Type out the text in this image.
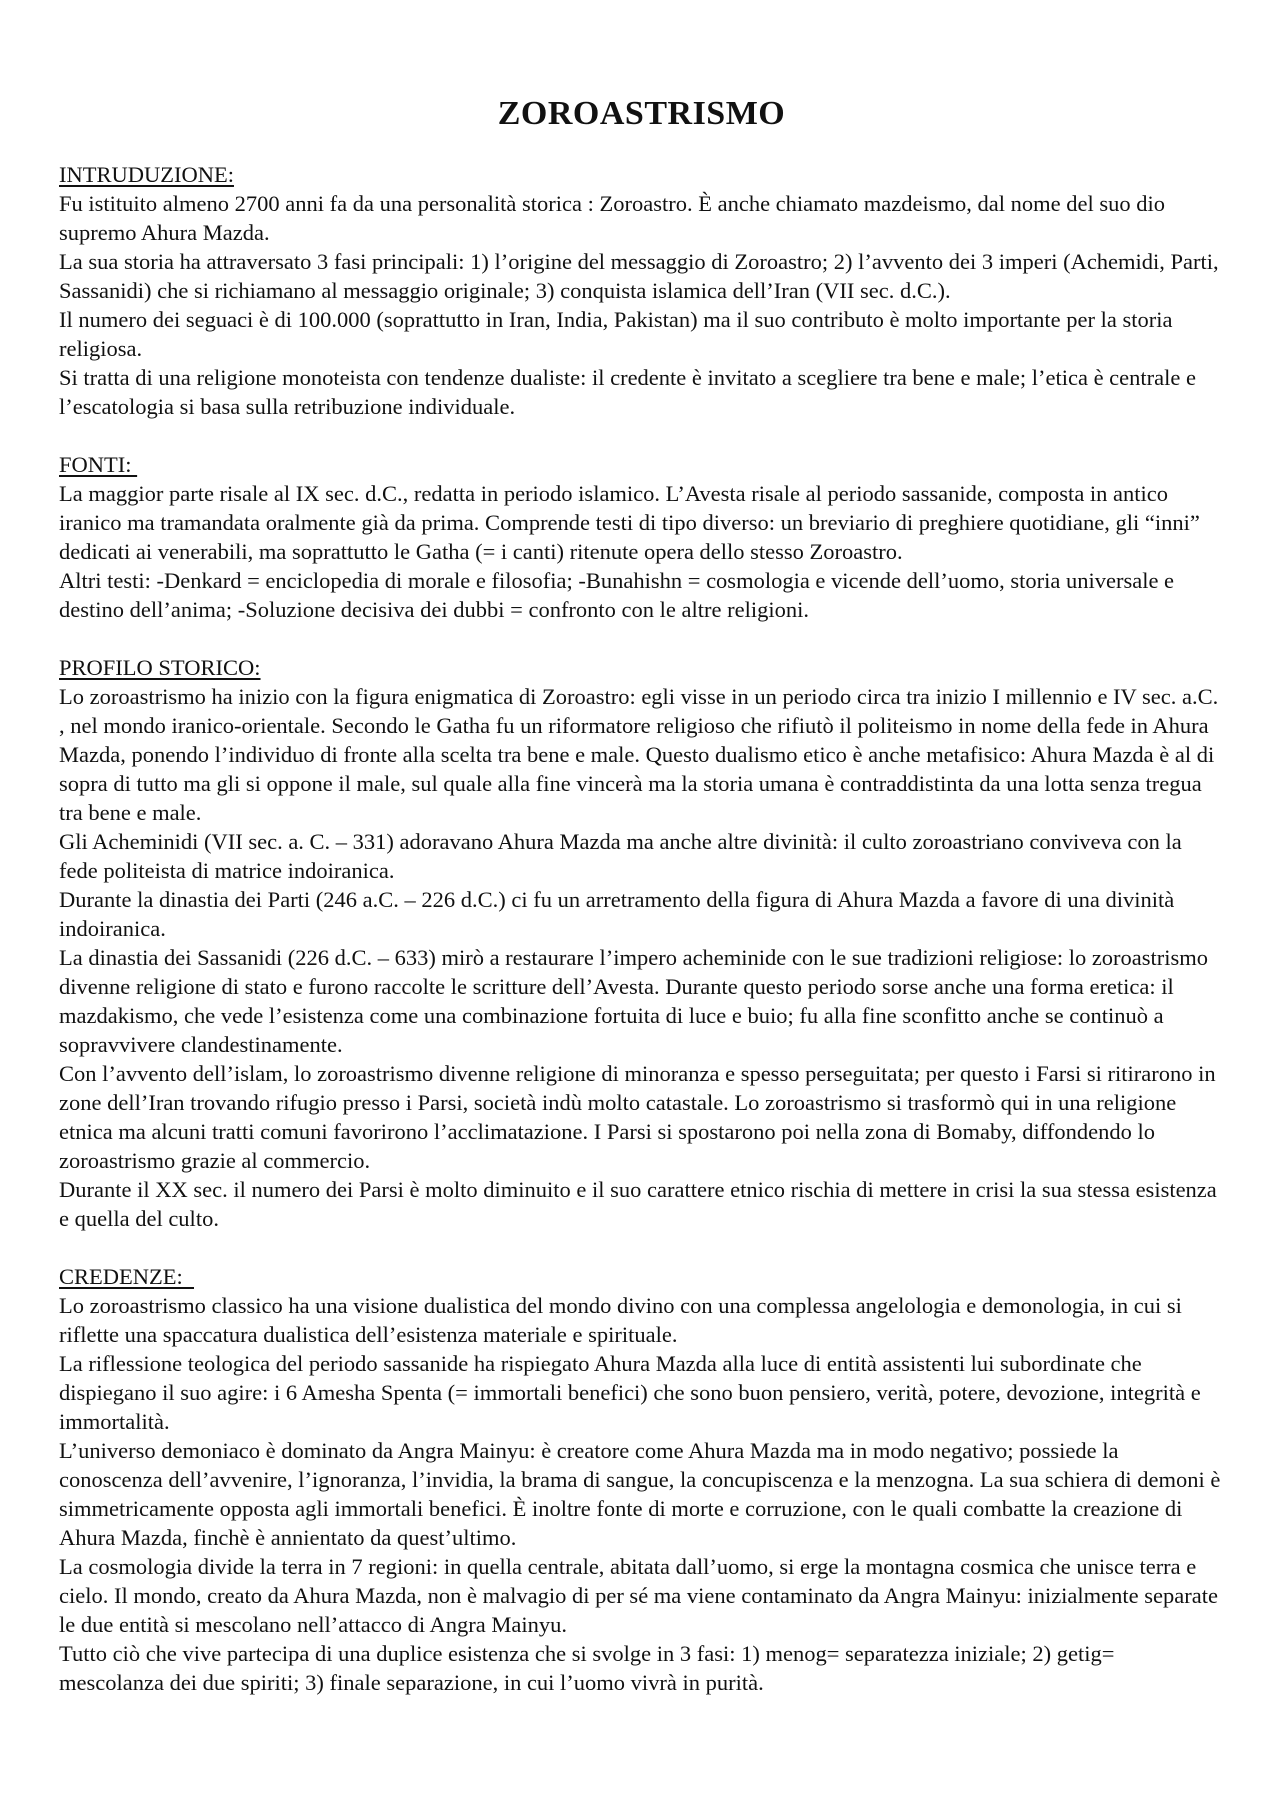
ZOROASTRISMO
INTRUDUZIONE:

Fu istituito almeno 2700 anni fa da una personalità storica : Zoroastro. È anche chiamato mazdeismo, dal nome del suo dio supremo Ahura Mazda.

La sua storia ha attraversato 3 fasi principali: 1) l’origine del messaggio di Zoroastro; 2) l’avvento dei 3 imperi (Achemidi, Parti, Sassanidi) che si richiamano al messaggio originale; 3) conquista islamica dell’Iran (VII sec. d.C.).

Il numero dei seguaci è di 100.000 (soprattutto in Iran, India, Pakistan) ma il suo contributo è molto importante per la storia religiosa.

Si tratta di una religione monoteista con tendenze dualiste: il credente è invitato a scegliere tra bene e male; l’etica è centrale e l’escatologia si basa sulla retribuzione individuale.

FONTI:

La maggior parte risale al IX sec. d.C., redatta in periodo islamico. L’Avesta risale al periodo sassanide, composta in antico iranico ma tramandata oralmente già da prima. Comprende testi di tipo diverso: un breviario di preghiere quotidiane, gli “inni” dedicati ai venerabili, ma soprattutto le Gatha (= i canti) ritenute opera dello stesso Zoroastro.

Altri testi: -Denkard = enciclopedia di morale e filosofia; -Bunahishn = cosmologia e vicende dell’uomo, storia universale e destino dell’anima; -Soluzione decisiva dei dubbi = confronto con le altre religioni.

PROFILO STORICO:

Lo zoroastrismo ha inizio con la figura enigmatica di Zoroastro: egli visse in un periodo circa tra inizio I millennio e IV sec. a.C. , nel mondo iranico-orientale. Secondo le Gatha fu un riformatore religioso che rifiutò il politeismo in nome della fede in Ahura Mazda, ponendo l’individuo di fronte alla scelta tra bene e male. Questo dualismo etico è anche metafisico: Ahura Mazda è al di sopra di tutto ma gli si oppone il male, sul quale alla fine vincerà ma la storia umana è contraddistinta da una lotta senza tregua tra bene e male.

Gli Acheminidi (VII sec. a. C. – 331) adoravano Ahura Mazda ma anche altre divinità: il culto zoroastriano conviveva con la fede politeista di matrice indoiranica.

Durante la dinastia dei Parti (246 a.C. – 226 d.C.) ci fu un arretramento della figura di Ahura Mazda a favore di una divinità indoiranica.

La dinastia dei Sassanidi (226 d.C. – 633) mirò a restaurare l’impero acheminide con le sue tradizioni religiose: lo zoroastrismo divenne religione di stato e furono raccolte le scritture dell’Avesta. Durante questo periodo sorse anche una forma eretica: il mazdakismo, che vede l’esistenza come una combinazione fortuita di luce e buio; fu alla fine sconfitto anche se continuò a sopravvivere clandestinamente.

Con l’avvento dell’islam, lo zoroastrismo divenne religione di minoranza e spesso perseguitata; per questo i Farsi si ritirarono in zone dell’Iran trovando rifugio presso i Parsi, società indù molto catastale. Lo zoroastrismo si trasformò qui in una religione etnica ma alcuni tratti comuni favorirono l’acclimatazione. I Parsi si spostarono poi nella zona di Bomaby, diffondendo lo zoroastrismo grazie al commercio.

Durante il XX sec. il numero dei Parsi è molto diminuito e il suo carattere etnico rischia di mettere in crisi la sua stessa esistenza e quella del culto.

CREDENZE:

Lo zoroastrismo classico ha una visione dualistica del mondo divino con una complessa angelologia e demonologia, in cui si riflette una spaccatura dualistica dell’esistenza materiale e spirituale.

La riflessione teologica del periodo sassanide ha rispiegato Ahura Mazda alla luce di entità assistenti lui subordinate che dispiegano il suo agire: i 6 Amesha Spenta (= immortali benefici) che sono buon pensiero, verità, potere, devozione, integrità e immortalità.

L’universo demoniaco è dominato da Angra Mainyu: è creatore come Ahura Mazda ma in modo negativo; possiede la conoscenza dell’avvenire, l’ignoranza, l’invidia, la brama di sangue, la concupiscenza e la menzogna. La sua schiera di demoni è simmetricamente opposta agli immortali benefici. È inoltre fonte di morte e corruzione, con le quali combatte la creazione di Ahura Mazda, finchè è annientato da quest’ultimo.

La cosmologia divide la terra in 7 regioni: in quella centrale, abitata dall’uomo, si erge la montagna cosmica che unisce terra e cielo. Il mondo, creato da Ahura Mazda, non è malvagio di per sé ma viene contaminato da Angra Mainyu: inizialmente separate le due entità si mescolano nell’attacco di Angra Mainyu.

Tutto ciò che vive partecipa di una duplice esistenza che si svolge in 3 fasi: 1) menog= separatezza iniziale; 2) getig= mescolanza dei due spiriti; 3) finale separazione, in cui l’uomo vivrà in purità.
